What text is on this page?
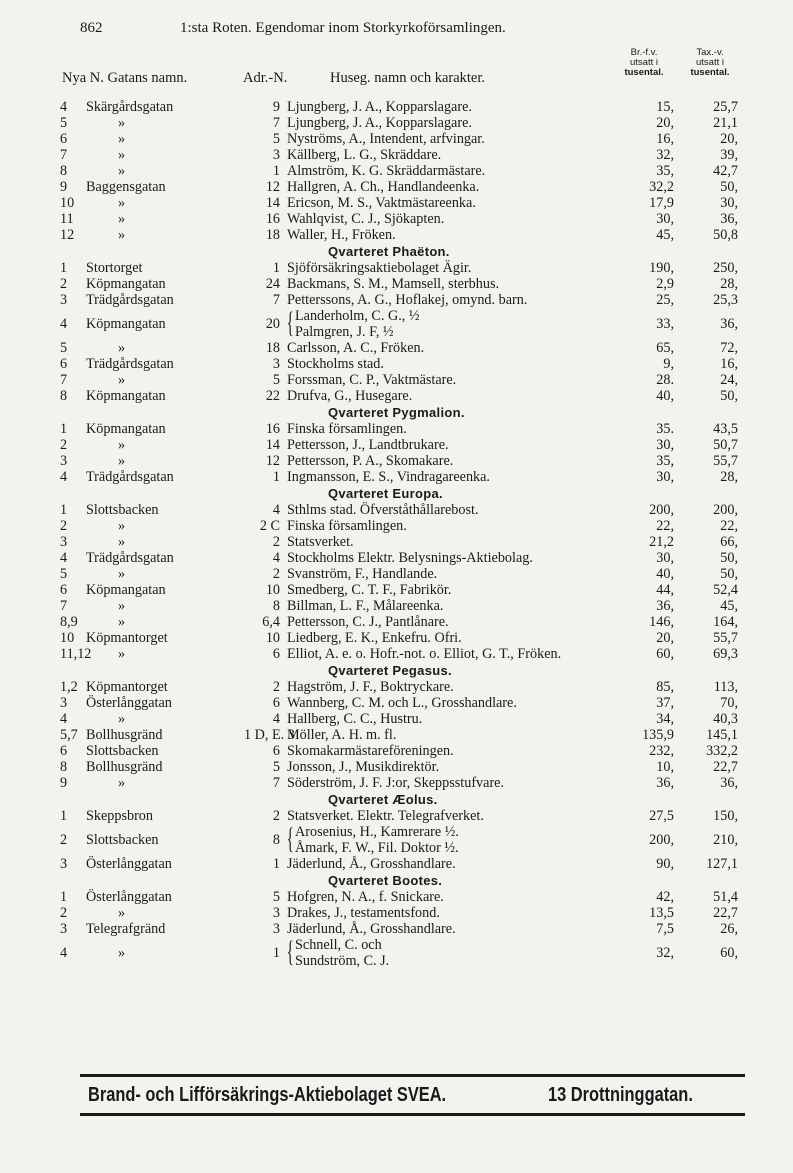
862	1:sta Roten. Egendomar inom Storkyrkoförsamlingen.
Nya N. Gatans namn.	Adr.-N.	Huseg. namn och karakter.
Br.-f.v.
utsatt i
tusental.
Tax.-v.
utsatt i
tusental.
4 Skärgårdsgatan	9 Ljungberg, J. A., Kopparslagare.	15,	25,7
5	»	7 Ljungberg, J. A., Kopparslagare.	20,	21,1
6	»	5 Nyströms, A., Intendent, arfvingar.	16,	20,
7	»	3 Källberg, L. G., Skräddare.	32,	39,
8	»	1 Almström, K. G. Skräddarmästare.	35,	42,7
9 Baggensgatan	12 Hallgren, A. Ch., Handlandeenka.	32,2	50,
10	»	14 Ericson, M. S., Vaktmästareenka.	17,9	30,
11	»	16 Wahlqvist, C. J., Sjökapten.	30,	36,
12	»	18 Waller, H., Fröken.	45,	50,8
Qvarteret Phaëton.
1 Stortorget	1 Sjöförsäkringsaktiebolaget Ägir.	190,	250,
2 Köpmangatan	24 Backmans, S. M., Mamsell, sterbhus.	2,9	28,
3 Trädgårdsgatan	7 Petterssons, A. G., Hoflakej, omynd. barn.	25,	25,3
4 Köpmangatan	20 { Landerholm, C. G., ½
Palmgren, J. F, ½	33,	36,
5	»	18 Carlsson, A. C., Fröken.	65,	72,
6 Trädgårdsgatan	3 Stockholms stad.	9,	16,
7	»	5 Forssman, C. P., Vaktmästare.	28.	24,
8 Köpmangatan	22 Drufva, G., Husegare.	40,	50,
Qvarteret Pygmalion.
1 Köpmangatan	16 Finska församlingen.	35.	43,5
2	»	14 Pettersson, J., Landtbrukare.	30,	50,7
3	»	12 Pettersson, P. A., Skomakare.	35,	55,7
4 Trädgårdsgatan	1 Ingmansson, E. S., Vindragareenka.	30,	28,
Qvarteret Europa.
1 Slottsbacken	4 Sthlms stad. Öfverståthållarebost.	200,	200,
2	»	2 C Finska församlingen.	22,	22,
3	»	2 Statsverket.	21,2	66,
4 Trädgårdsgatan	4 Stockholms Elektr. Belysnings-Aktiebolag.	30,	50,
5	»	2 Svanström, F., Handlande.	40,	50,
6 Köpmangatan	10 Smedberg, C. T. F., Fabrikör.	44,	52,4
7	»	8 Billman, L. F., Målareenka.	36,	45,
8,9	»	6,4 Pettersson, C. J., Pantlånare.	146,	164,
10 Köpmantorget	10 Liedberg, E. K., Enkefru. Ofri.	20,	55,7
11,12 »	6 Elliot, A. e. o. Hofr.-not. o. Elliot, G. T., Fröken.	60,	69,3
Qvarteret Pegasus.
1,2 Köpmantorget	2 Hagström, J. F., Boktryckare.	85,	113,
3 Österlånggatan	6 Wannberg, C. M. och L., Grosshandlare.	37,	70,
4	»	4 Hallberg, C. C., Hustru.	34,	40,3
5,7 Bollhusgränd	1 D, E. 3
Möller, A. H. m. fl.	135,9	145,1
6 Slottsbacken	6 Skomakarmästareföreningen.	232,	332,2
8 Bollhusgränd	5 Jonsson, J., Musikdirektör.	10,	22,7
9	»	7 Söderström, J. F. J:or, Skeppsstufvare.	36,	36,
Qvarteret Æolus.
1 Skeppsbron	2 Statsverket. Elektr. Telegrafverket.	27,5	150,
2 Slottsbacken	8 { Arosenius, H., Kamrerare ½.
Åmark, F. W., Fil. Doktor ½.	200,	210,
3 Österlånggatan	1 Jäderlund, Å., Grosshandlare.	90,	127,1
Qvarteret Bootes.
1 Österlånggatan	5 Hofgren, N. A., f. Snickare.	42,	51,4
2	»	3 Drakes, J., testamentsfond.	13,5	22,7
3 Telegrafgränd	3 Jäderlund, Å., Grosshandlare.	7,5	26,
4	»	1 { Schnell, C. och
Sundström, C. J.	32,	60,
Brand- och Lifförsäkrings-Aktiebolaget SVEA.	13 Drottninggatan.
